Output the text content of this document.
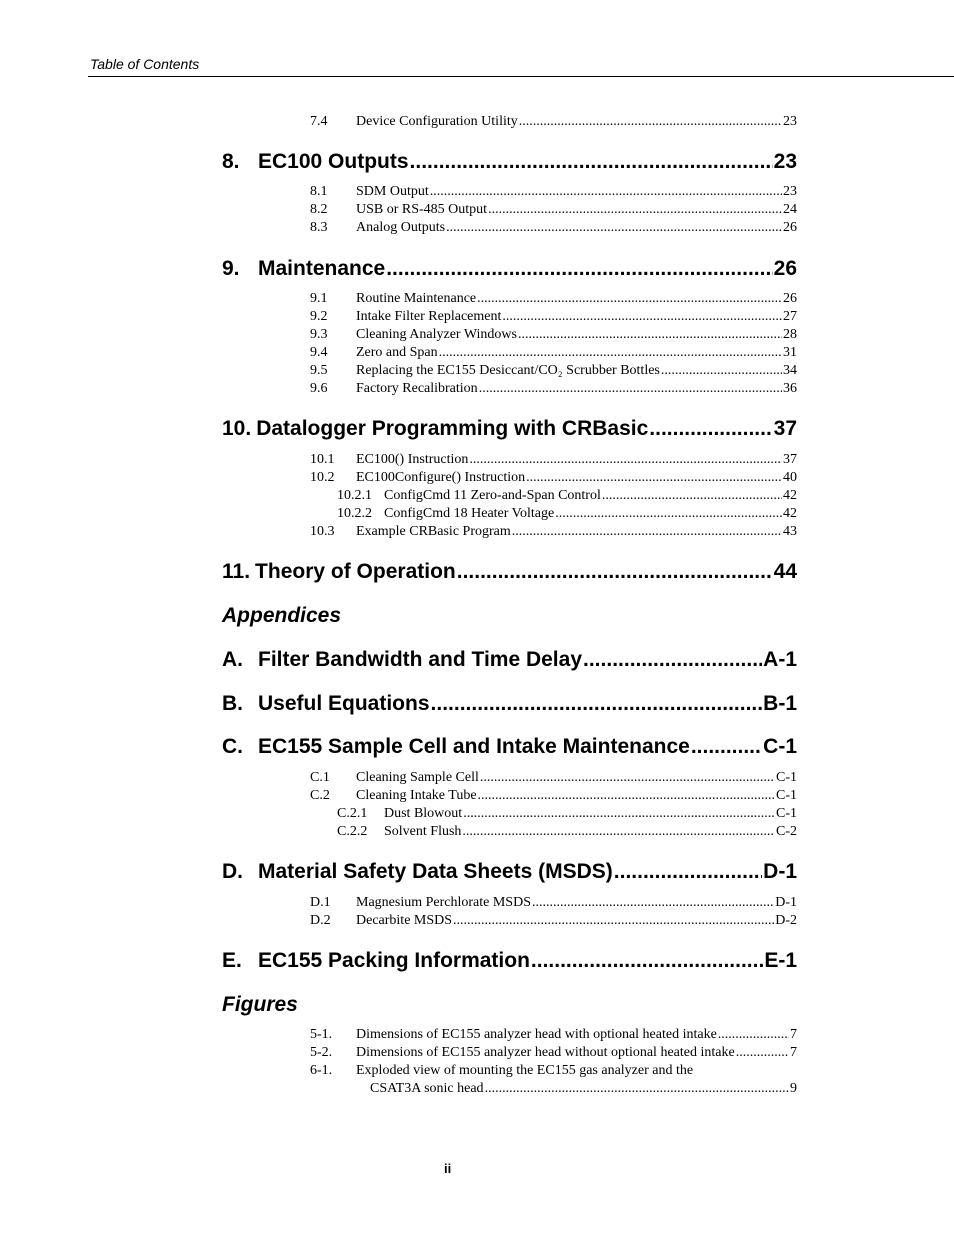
Table of Contents
7.4	Device Configuration Utility .....	23
8. EC100 Outputs .....	23
8.1	SDM Output .....	23
8.2	USB or RS-485 Output .....	24
8.3	Analog Outputs .....	26
9. Maintenance .....	26
9.1	Routine Maintenance .....	26
9.2	Intake Filter Replacement .....	27
9.3	Cleaning Analyzer Windows .....	28
9.4	Zero and Span .....	31
9.5	Replacing the EC155 Desiccant/CO₂ Scrubber Bottles .....	34
9.6	Factory Recalibration .....	36
10. Datalogger Programming with CRBasic .....	37
10.1	EC100() Instruction .....	37
10.2	EC100Configure() Instruction .....	40
10.2.1 ConfigCmd 11 Zero-and-Span Control .....	42
10.2.2 ConfigCmd 18 Heater Voltage .....	42
10.3	Example CRBasic Program .....	43
11. Theory of Operation .....	44
Appendices
A. Filter Bandwidth and Time Delay .....	A-1
B. Useful Equations .....	B-1
C. EC155 Sample Cell and Intake Maintenance .....	C-1
C.1	Cleaning Sample Cell .....	C-1
C.2	Cleaning Intake Tube .....	C-1
C.2.1	Dust Blowout .....	C-1
C.2.2	Solvent Flush .....	C-2
D. Material Safety Data Sheets (MSDS) .....	D-1
D.1	Magnesium Perchlorate MSDS .....	D-1
D.2	Decarbite MSDS .....	D-2
E. EC155 Packing Information .....	E-1
Figures
5-1.	Dimensions of EC155 analyzer head with optional heated intake .....	7
5-2.	Dimensions of EC155 analyzer head without optional heated intake .....	7
6-1.	Exploded view of mounting the EC155 gas analyzer and the
CSAT3A sonic head .....	9
ii
